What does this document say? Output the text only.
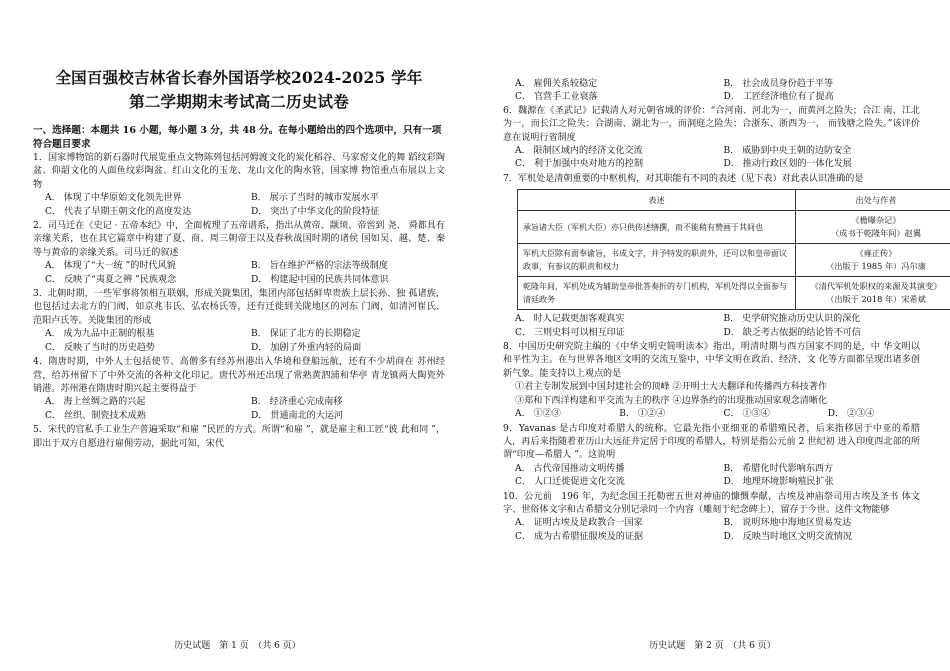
全国百强校吉林省长春外国语学校2024-2025 学年
第二学期期末考试高二历史试卷
一、选择题：本题共 16 小题，每小题 3 分，共 48 分。在每小题给出的四个选项中，只有一项 符合题目要求
1．国家博物馆的新石器时代展览重点文物陈列包括河姆渡文化的炭化稻谷、马家窑文化的舞 蹈纹彩陶盆、仰韶文化的人面鱼纹彩陶盆、红山文化的玉龙、龙山文化的陶水管，国家博 物馆重点布展以上文物
A． 体现了中华原始文化领先世界	B． 展示了当时的城市发展水平
C． 代表了早期王朝文化的高度发达	D． 突出了中华文化的阶段特征
2．司马迁在《史记 · 五帝本纪》中，全面梳理了五帝谱系，指出从黄帝、颛顼、帝喾到 尧、 舜都具有亲缘关系，也在其它篇章中构建了夏、商、周三朝帝王以及春秋战国时期的诸侯 国如吴、越、楚、秦等与黄帝的亲缘关系。司马迁的叙述
A． 体现了“大一统 ”的时代风貌	B． 旨在维护严格的宗法等级制度
C． 反映了“夷夏之辨 ”民族观念	D． 构建起中国的民族共同体意识
3．北朝时期，一些军事将领相互联姻，形成关陇集团，集团内部包括鲜卑贵族上层长孙、独 孤诸族，也包括过去北方的门阀，如京兆韦氏、弘农杨氏等，还有迁徙到关陇地区的河东 门阀，如清河崔氏、范阳卢氏等。关陇集团的形成
A． 成为九品中正制的根基	B． 保证了北方的长期稳定
C． 反映了当时的历史趋势	D． 加剧了外重内轻的局面
4．隋唐时期，中外人士包括使节、高僧多有经苏州港出入华境和登船远航，还有不少胡商在 苏州经营，给苏州留下了中外交流的各种文化印记。唐代苏州还出现了常熟黄泗浦和华亭 青龙镇两大陶瓷外销港。苏州港在隋唐时期兴起主要得益于
A． 海上丝绸之路的兴起	B． 经济重心完成南移
C． 丝织、制瓷技术成熟	D． 贯通南北的大运河
5．宋代的官私手工业生产普遍采取“和雇 ”民匠的方式。所谓“和雇 ”，就是雇主和工匠“彼 此和同 ”，即出于双方自愿进行雇佣劳动，据此可知，宋代
历史试题　第 1 页　（共 6 页）
A． 雇佣关系较稳定	B． 社会成员身份趋于平等
C． 官营手工业衰落	D． 工匠经济地位有了提高
6．魏源在《圣武记》记载清人对元朝省域的评价：“合河南、河北为一，而黄河之险失；合江 南、江北为一，而长江之险失；合湖南、湖北为一，而洞庭之险失；合浙东、浙西为一， 而钱塘之险失。”该评价意在说明行省制度
A． 限制区域内的经济文化交流	B． 威胁到中央王朝的边防安全
C． 利于加强中央对地方的控制	D． 推动行政区划的一体化发展
7．军机处是清朝重要的中枢机构，对其职能有不同的表述（见下表）对此表认识准确的是
表述	出处与作者
承旨诸大臣（军机大臣）亦只供传述缮撰，而不能稍有赞画于其间也	《檐曝杂记》
（成书于乾隆年间）赵翼

军机大臣除有面奉谕旨，书成文字，并予特发的职责外，还可以和皇帝面议政事，有参议的职责和权力	《雍正传》
（出版于 1985 年）冯尔康

乾隆年间，军机处成为辅助皇帝批答奏折的专门机构，军机处得以全面参与清廷政务	《清代军机处职权的来源及其演变》
（出版于 2018 年）宋希斌
A． 时人记载更加客观真实	B． 史学研究推动历史认识的深化
C． 三则史料可以相互印证	D． 缺乏考古依据的结论皆不可信
8．中国历史研究院主编的《中华文明史简明读本》指出，明清时期与西方国家不同的是，中 华文明以和平性为主。在与世界各地区文明的交流互鉴中，中华文明在政治、经济、文 化等方面都呈现出诸多创新气象。能支持以上观点的是
①君主专制发展到中国封建社会的顶峰 ②开明士大夫翻译和传播西方科技著作
③郑和下西洋构建和平交流为主的秩序 ④边界条约的出现推动国家观念清晰化
A． ①②③	B． ①②④	C． ①③④	D． ②③④
9．Yavanas 是古印度对希腊人的统称。它最先指小亚细亚的希腊殖民者，后来指移居于中亚的希腊人，再后来指随着亚历山大远征并定居于印度的希腊人，特别是指公元前 2 世纪初 进入印度西北部的所谓“印度—希腊人 ”。这说明
A． 古代帝国推动文明传播	B． 希腊化时代影响东西方
C． 人口迁徙促进文化交流	D． 地理环境影响殖民扩张
10．公元前　196 年，为纪念国王托勒密五世对神庙的慷慨奉献，古埃及神庙祭司用古埃及圣书 体文字、世俗体文字和古希腊文分别记录同一个内容（雕刻于纪念碑上），留存于今世。这件文物能够
A． 证明古埃及是政教合一国家	B． 说明环地中海地区贸易发达
C． 成为古希腊征服埃及的证据	D． 反映当时地区文明交流情况
历史试题　第 2 页　（共 6 页）
